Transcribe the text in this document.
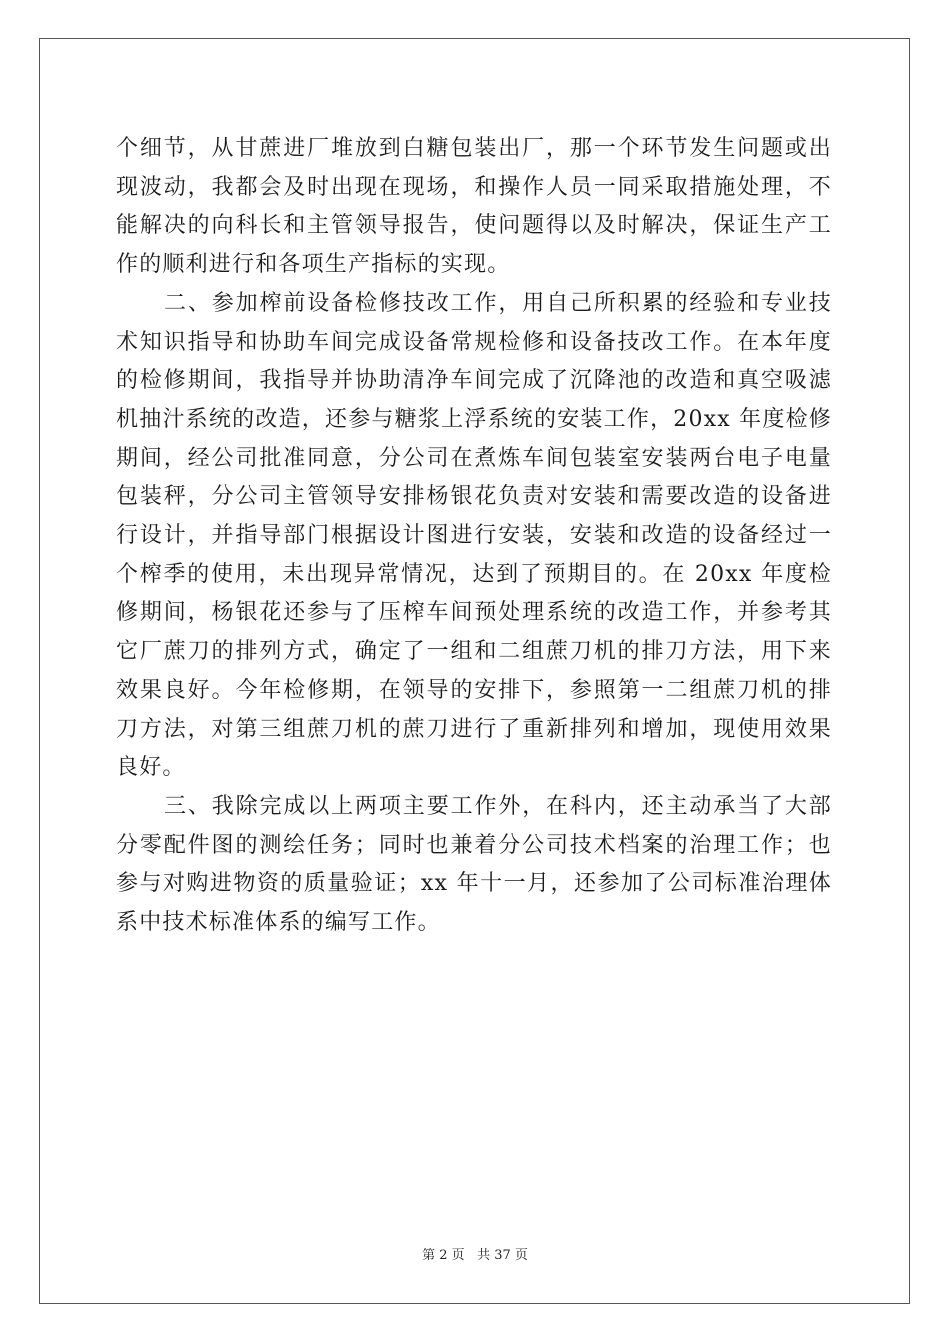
个细节，从甘蔗进厂堆放到白糖包装出厂，那一个环节发生问题或出现波动，我都会及时出现在现场，和操作人员一同采取措施处理，不能解决的向科长和主管领导报告，使问题得以及时解决，保证生产工作的顺利进行和各项生产指标的实现。

二、参加榨前设备检修技改工作，用自己所积累的经验和专业技术知识指导和协助车间完成设备常规检修和设备技改工作。在本年度的检修期间，我指导并协助清净车间完成了沉降池的改造和真空吸滤机抽汁系统的改造，还参与糖浆上浮系统的安装工作，20xx 年度检修期间，经公司批准同意，分公司在煮炼车间包装室安装两台电子电量包装秤，分公司主管领导安排杨银花负责对安装和需要改造的设备进行设计，并指导部门根据设计图进行安装，安装和改造的设备经过一个榨季的使用，未出现异常情况，达到了预期目的。在 20xx 年度检修期间，杨银花还参与了压榨车间预处理系统的改造工作，并参考其它厂蔗刀的排列方式，确定了一组和二组蔗刀机的排刀方法，用下来效果良好。今年检修期，在领导的安排下，参照第一二组蔗刀机的排刀方法，对第三组蔗刀机的蔗刀进行了重新排列和增加，现使用效果良好。

三、我除完成以上两项主要工作外，在科内，还主动承当了大部分零配件图的测绘任务；同时也兼着分公司技术档案的治理工作；也参与对购进物资的质量验证；xx 年十一月，还参加了公司标准治理体系中技术标准体系的编写工作。

第 2 页 共 37 页
